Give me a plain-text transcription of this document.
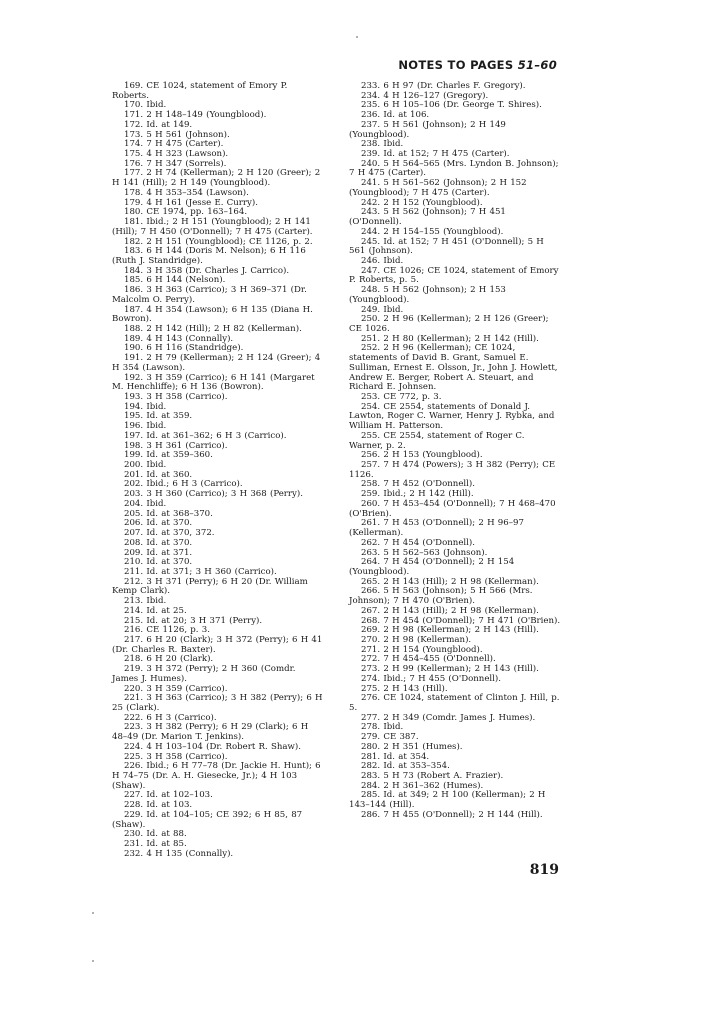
NOTES TO PAGES 51–60

169. CE 1024, statement of Emory P. Roberts.

170. Ibid.

171. 2 H 148–149 (Youngblood).

172. Id. at 149.

173. 5 H 561 (Johnson).

174. 7 H 475 (Carter).

175. 4 H 323 (Lawson).

176. 7 H 347 (Sorrels).

177. 2 H 74 (Kellerman); 2 H 120 (Greer); 2 H 141 (Hill); 2 H 149 (Youngblood).

178. 4 H 353–354 (Lawson).

179. 4 H 161 (Jesse E. Curry).

180. CE 1974, pp. 163–164.

181. Ibid.; 2 H 151 (Youngblood); 2 H 141 (Hill); 7 H 450 (O'Donnell); 7 H 475 (Carter).

182. 2 H 151 (Youngblood); CE 1126, p. 2.

183. 6 H 144 (Doris M. Nelson); 6 H 116 (Ruth J. Standridge).

184. 3 H 358 (Dr. Charles J. Carrico).

185. 6 H 144 (Nelson).

186. 3 H 363 (Carrico); 3 H 369–371 (Dr. Malcolm O. Perry).

187. 4 H 354 (Lawson); 6 H 135 (Diana H. Bowron).

188. 2 H 142 (Hill); 2 H 82 (Kellerman).

189. 4 H 143 (Connally).

190. 6 H 116 (Standridge).

191. 2 H 79 (Kellerman); 2 H 124 (Greer); 4 H 354 (Lawson).

192. 3 H 359 (Carrico); 6 H 141 (Margaret M. Henchliffe); 6 H 136 (Bowron).

193. 3 H 358 (Carrico).

194. Ibid.

195. Id. at 359.

196. Ibid.

197. Id. at 361–362; 6 H 3 (Carrico).

198. 3 H 361 (Carrico).

199. Id. at 359–360.

200. Ibid.

201. Id. at 360.

202. Ibid.; 6 H 3 (Carrico).

203. 3 H 360 (Carrico); 3 H 368 (Perry).

204. Ibid.

205. Id. at 368–370.

206. Id. at 370.

207. Id. at 370, 372.

208. Id. at 370.

209. Id. at 371.

210. Id. at 370.

211. Id. at 371; 3 H 360 (Carrico).

212. 3 H 371 (Perry); 6 H 20 (Dr. William Kemp Clark).

213. Ibid.

214. Id. at 25.

215. Id. at 20; 3 H 371 (Perry).

216. CE 1126, p. 3.

217. 6 H 20 (Clark); 3 H 372 (Perry); 6 H 41 (Dr. Charles R. Baxter).

218. 6 H 20 (Clark).

219. 3 H 372 (Perry); 2 H 360 (Comdr. James J. Humes).

220. 3 H 359 (Carrico).

221. 3 H 363 (Carrico); 3 H 382 (Perry); 6 H 25 (Clark).

222. 6 H 3 (Carrico).

223. 3 H 382 (Perry); 6 H 29 (Clark); 6 H 48–49 (Dr. Marion T. Jenkins).

224. 4 H 103–104 (Dr. Robert R. Shaw).

225. 3 H 358 (Carrico).

226. Ibid.; 6 H 77–78 (Dr. Jackie H. Hunt); 6 H 74–75 (Dr. A. H. Giesecke, Jr.); 4 H 103 (Shaw).

227. Id. at 102–103.

228. Id. at 103.

229. Id. at 104–105; CE 392; 6 H 85, 87 (Shaw).

230. Id. at 88.

231. Id. at 85.

232. 4 H 135 (Connally).

233. 6 H 97 (Dr. Charles F. Gregory).

234. 4 H 126–127 (Gregory).

235. 6 H 105–106 (Dr. George T. Shires).

236. Id. at 106.

237. 5 H 561 (Johnson); 2 H 149 (Youngblood).

238. Ibid.

239. Id. at 152; 7 H 475 (Carter).

240. 5 H 564–565 (Mrs. Lyndon B. Johnson); 7 H 475 (Carter).

241. 5 H 561–562 (Johnson); 2 H 152 (Youngblood); 7 H 475 (Carter).

242. 2 H 152 (Youngblood).

243. 5 H 562 (Johnson); 7 H 451 (O'Donnell).

244. 2 H 154–155 (Youngblood).

245. Id. at 152; 7 H 451 (O'Donnell); 5 H 561 (Johnson).

246. Ibid.

247. CE 1026; CE 1024, statement of Emory P. Roberts, p. 5.

248. 5 H 562 (Johnson); 2 H 153 (Youngblood).

249. Ibid.

250. 2 H 96 (Kellerman); 2 H 126 (Greer); CE 1026.

251. 2 H 80 (Kellerman); 2 H 142 (Hill).

252. 2 H 96 (Kellerman); CE 1024, statements of David B. Grant, Samuel E. Sulliman, Ernest E. Olsson, Jr., John J. Howlett, Andrew E. Berger, Robert A. Steuart, and Richard E. Johnsen.

253. CE 772, p. 3.

254. CE 2554, statements of Donald J. Lawton, Roger C. Warner, Henry J. Rybka, and William H. Patterson.

255. CE 2554, statement of Roger C. Warner, p. 2.

256. 2 H 153 (Youngblood).

257. 7 H 474 (Powers); 3 H 382 (Perry); CE 1126.

258. 7 H 452 (O'Donnell).

259. Ibid.; 2 H 142 (Hill).

260. 7 H 453–454 (O'Donnell); 7 H 468–470 (O'Brien).

261. 7 H 453 (O'Donnell); 2 H 96–97 (Kellerman).

262. 7 H 454 (O'Donnell).

263. 5 H 562–563 (Johnson).

264. 7 H 454 (O'Donnell); 2 H 154 (Youngblood).

265. 2 H 143 (Hill); 2 H 98 (Kellerman).

266. 5 H 563 (Johnson); 5 H 566 (Mrs. Johnson); 7 H 470 (O'Brien).

267. 2 H 143 (Hill); 2 H 98 (Kellerman).

268. 7 H 454 (O'Donnell); 7 H 471 (O'Brien).

269. 2 H 98 (Kellerman); 2 H 143 (Hill).

270. 2 H 98 (Kellerman).

271. 2 H 154 (Youngblood).

272. 7 H 454–455 (O'Donnell).

273. 2 H 99 (Kellerman); 2 H 143 (Hill).

274. Ibid.; 7 H 455 (O'Donnell).

275. 2 H 143 (Hill).

276. CE 1024, statement of Clinton J. Hill, p. 5.

277. 2 H 349 (Comdr. James J. Humes).

278. Ibid.

279. CE 387.

280. 2 H 351 (Humes).

281. Id. at 354.

282. Id. at 353–354.

283. 5 H 73 (Robert A. Frazier).

284. 2 H 361–362 (Humes).

285. Id. at 349; 2 H 100 (Kellerman); 2 H 143–144 (Hill).

286. 7 H 455 (O'Donnell); 2 H 144 (Hill).

819
